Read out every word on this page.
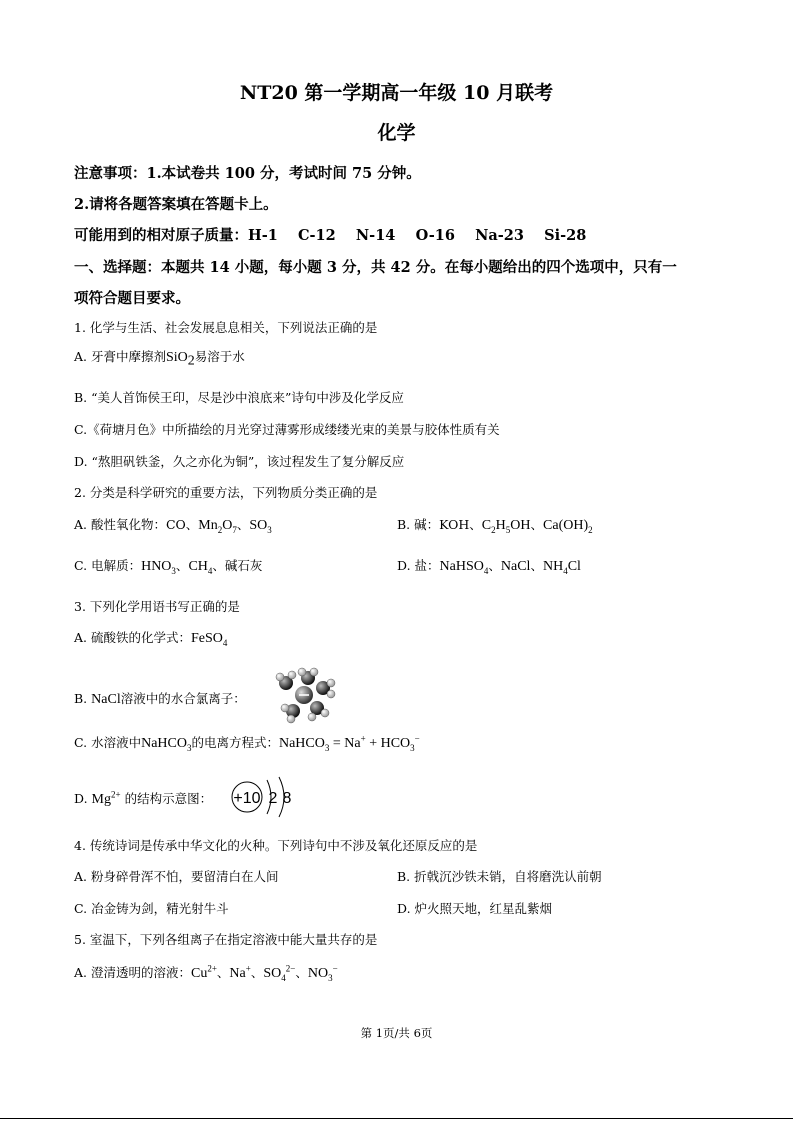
NT20 第一学期高一年级 10 月联考
化学
注意事项：1.本试卷共 100 分，考试时间 75 分钟。
2.请将各题答案填在答题卡上。
可能用到的相对原子质量：H-1    C-12    N-14    O-16    Na-23    Si-28
一、选择题：本题共 14 小题，每小题 3 分，共 42 分。在每小题给出的四个选项中，只有一
项符合题目要求。
1. 化学与生活、社会发展息息相关，下列说法正确的是
A. 牙膏中摩擦剂SiO$_2$易溶于水
B. “美人首饰侯王印，尽是沙中浪底来”诗句中涉及化学反应
C.《荷塘月色》中所描绘的月光穿过薄雾形成缕缕光束的美景与胶体性质有关
D. “熬胆矾铁釜，久之亦化为铜”，该过程发生了复分解反应
2. 分类是科学研究的重要方法，下列物质分类正确的是
A. 酸性氧化物：CO、$Mn_2O_7$、$SO_3$	B. 碱：KOH、$C_2H_5OH$、$Ca(OH)_2$
C. 电解质：$HNO_3$、$CH_4$、碱石灰	D. 盐：NaHSO$_4$、NaCl、$NH_4Cl$
3. 下列化学用语书写正确的是
A. 硫酸铁的化学式：FeSO$_4$
B. NaCl溶液中的水合氯离子：
C. 水溶液中NaHCO$_3$的电离方程式：NaHCO$_3$ = $Na^+ + HCO_3^-$
D. $Mg^{2+}$ 的结构示意图： +10 2 8
4. 传统诗词是传承中华文化的火种。下列诗句中不涉及氧化还原反应的是
A. 粉身碎骨浑不怕，要留清白在人间	B. 折戟沉沙铁未销，自将磨洗认前朝
C. 冶金铸为剑，精光射牛斗	D. 炉火照天地，红星乱紫烟
5. 室温下，下列各组离子在指定溶液中能大量共存的是
A. 澄清透明的溶液：$Cu^{2+}$、Na+、$SO_4^{2-}$、$NO_3^-$
第 1页/共 6页
